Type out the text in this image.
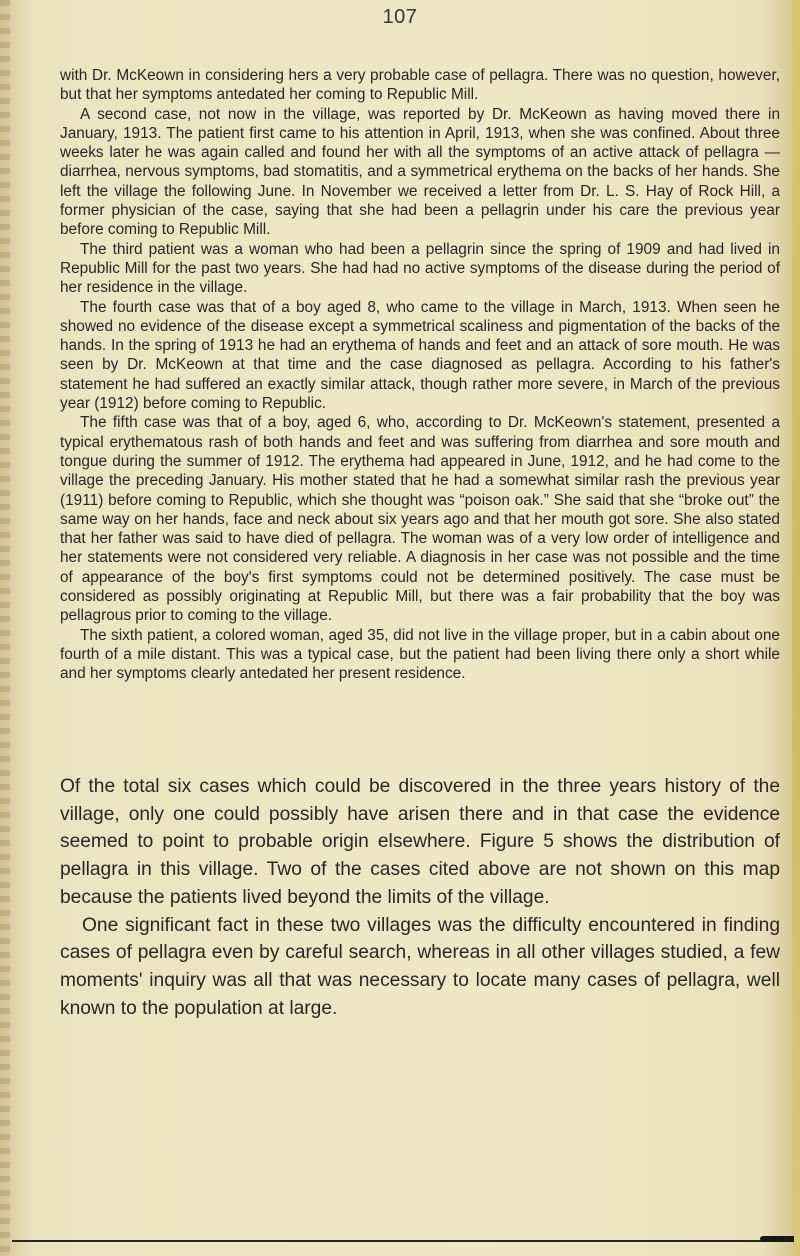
107

with Dr. McKeown in considering hers a very probable case of pellagra. There was no question, however, but that her symptoms antedated her coming to Republic Mill.

A second case, not now in the village, was reported by Dr. McKeown as having moved there in January, 1913. The patient first came to his attention in April, 1913, when she was confined. About three weeks later he was again called and found her with all the symptoms of an active attack of pellagra — diarrhea, nervous symptoms, bad stomatitis, and a symmetrical erythema on the backs of her hands. She left the village the following June. In November we received a letter from Dr. L. S. Hay of Rock Hill, a former physician of the case, saying that she had been a pellagrin under his care the previous year before coming to Republic Mill.

The third patient was a woman who had been a pellagrin since the spring of 1909 and had lived in Republic Mill for the past two years. She had had no active symptoms of the disease during the period of her residence in the village.

The fourth case was that of a boy aged 8, who came to the village in March, 1913. When seen he showed no evidence of the disease except a symmetrical scaliness and pigmentation of the backs of the hands. In the spring of 1913 he had an erythema of hands and feet and an attack of sore mouth. He was seen by Dr. McKeown at that time and the case diagnosed as pellagra. According to his father's statement he had suffered an exactly similar attack, though rather more severe, in March of the previous year (1912) before coming to Republic.

The fifth case was that of a boy, aged 6, who, according to Dr. McKeown's statement, presented a typical erythematous rash of both hands and feet and was suffering from diarrhea and sore mouth and tongue during the summer of 1912. The erythema had appeared in June, 1912, and he had come to the village the preceding January. His mother stated that he had a somewhat similar rash the previous year (1911) before coming to Republic, which she thought was “poison oak.” She said that she “broke out” the same way on her hands, face and neck about six years ago and that her mouth got sore. She also stated that her father was said to have died of pellagra. The woman was of a very low order of intelligence and her statements were not considered very reliable. A diagnosis in her case was not possible and the time of appearance of the boy's first symptoms could not be determined positively. The case must be considered as possibly originating at Republic Mill, but there was a fair probability that the boy was pellagrous prior to coming to the village.

The sixth patient, a colored woman, aged 35, did not live in the village proper, but in a cabin about one fourth of a mile distant. This was a typical case, but the patient had been living there only a short while and her symptoms clearly antedated her present residence.

Of the total six cases which could be discovered in the three years history of the village, only one could possibly have arisen there and in that case the evidence seemed to point to probable origin elsewhere. Figure 5 shows the distribution of pellagra in this village. Two of the cases cited above are not shown on this map because the patients lived beyond the limits of the village.

One significant fact in these two villages was the difficulty encountered in finding cases of pellagra even by careful search, whereas in all other villages studied, a few moments' inquiry was all that was necessary to locate many cases of pellagra, well known to the population at large.
